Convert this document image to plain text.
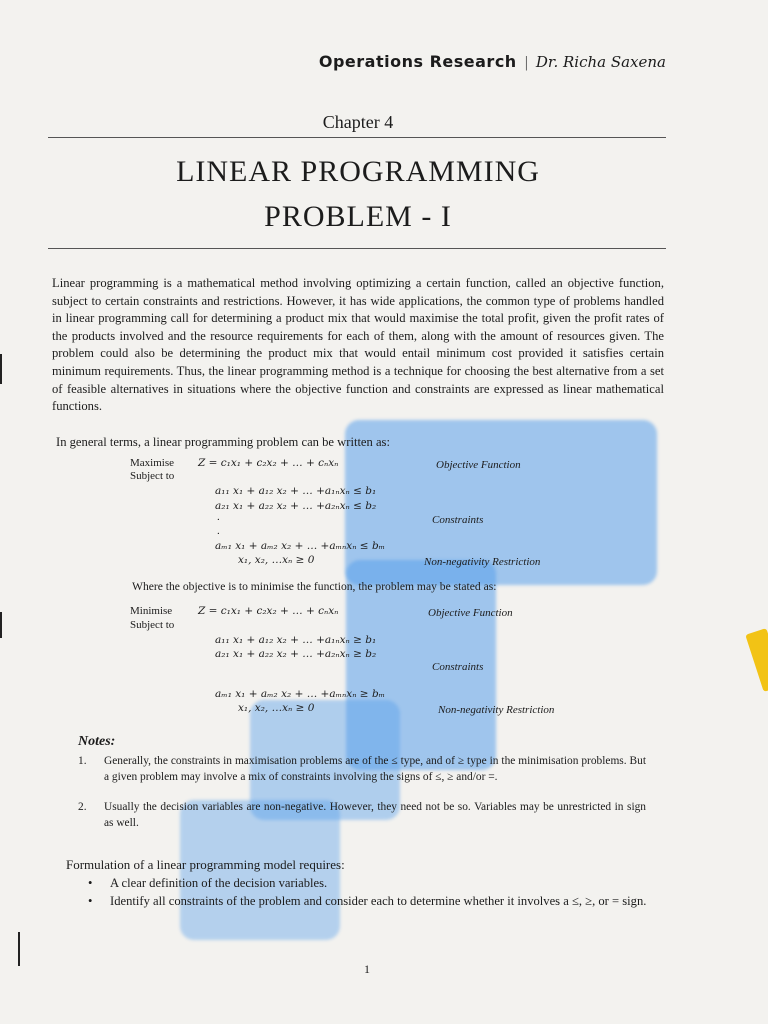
Operations Research | Dr. Richa Saxena
Chapter 4
LINEAR PROGRAMMING
PROBLEM - I
Linear programming is a mathematical method involving optimizing a certain function, called an objective function, subject to certain constraints and restrictions. However, it has wide applications, the common type of problems handled in linear programming call for determining a product mix that would maximise the total profit, given the profit rates of the products involved and the resource requirements for each of them, along with the amount of resources given. The problem could also be determining the product mix that would entail minimum cost provided it satisfies certain minimum requirements. Thus, the linear programming method is a technique for choosing the best alternative from a set of feasible alternatives in situations where the objective function and constraints are expressed as linear mathematical functions.
In general terms, a linear programming problem can be written as:
Maximise
Subject to
Z = c₁x₁ + c₂x₂ + … + cₙxₙ	Objective Function
a₁₁ x₁ + a₁₂ x₂ + … +a₁ₙxₙ ≤ b₁
a₂₁ x₁ + a₂₂ x₂ + … +a₂ₙxₙ ≤ b₂
.	Constraints
.
aₘ₁ x₁ + aₘ₂ x₂ + … +aₘₙxₙ ≤ bₘ
x₁, x₂, …xₙ ≥ 0	Non-negativity Restriction
Where the objective is to minimise the function, the problem may be stated as:
Minimise
Subject to
Z = c₁x₁ + c₂x₂ + … + cₙxₙ	Objective Function
a₁₁ x₁ + a₁₂ x₂ + … +a₁ₙxₙ ≥ b₁
a₂₁ x₁ + a₂₂ x₂ + … +a₂ₙxₙ ≥ b₂
Constraints
aₘ₁ x₁ + aₘ₂ x₂ + … +aₘₙxₙ ≥ bₘ
x₁, x₂, …xₙ ≥ 0	Non-negativity Restriction
Notes:
1. Generally, the constraints in maximisation problems are of the ≤ type, and of ≥ type in the minimisation problems. But a given problem may involve a mix of constraints involving the signs of ≤, ≥ and/or =.
2. Usually the decision variables are non-negative. However, they need not be so. Variables may be unrestricted in sign as well.
Formulation of a linear programming model requires:
• A clear definition of the decision variables.
• Identify all constraints of the problem and consider each to determine whether it involves a ≤, ≥, or = sign.
1
